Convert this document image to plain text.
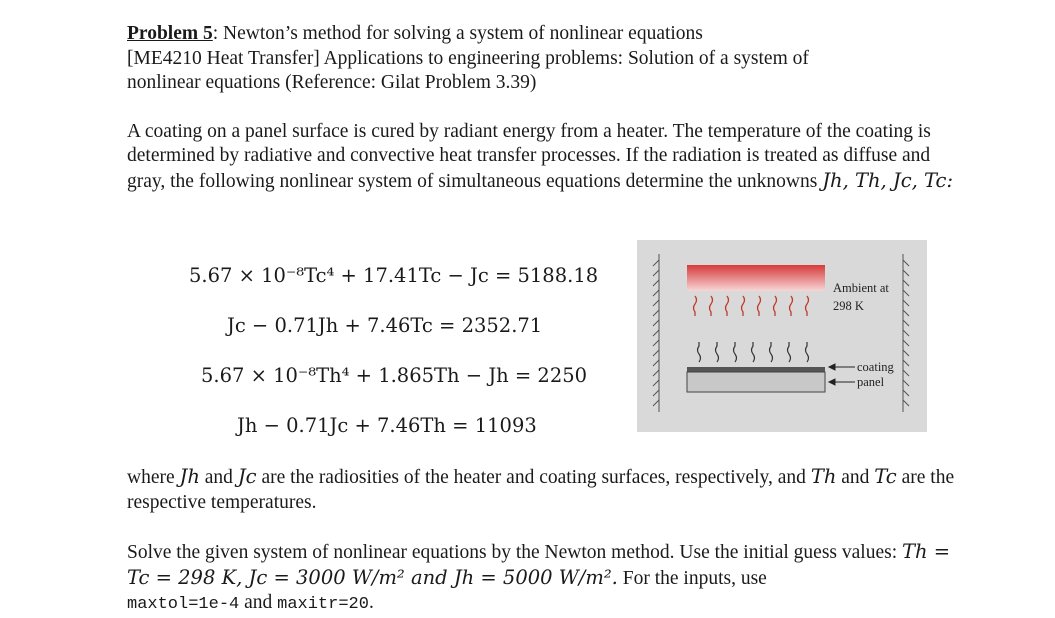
Problem 5: Newton’s method for solving a system of nonlinear equations
[ME4210 Heat Transfer] Applications to engineering problems: Solution of a system of
nonlinear equations (Reference: Gilat Problem 3.39)

A coating on a panel surface is cured by radiant energy from a heater. The temperature of the coating is determined by radiative and convective heat transfer processes. If the radiation is treated as diffuse and gray, the following nonlinear system of simultaneous equations determine the unknowns Jh, Th, Jc, Tc:

5.67 × 10⁻⁸Tc⁴ + 17.41Tc − Jc = 5188.18
Jc − 0.71Jh + 7.46Tc = 2352.71
5.67 × 10⁻⁸Th⁴ + 1.865Th − Jh = 2250
Jh − 0.71Jc + 7.46Th = 11093
Ambient at
298 K
coating
panel

where Jh and Jc are the radiosities of the heater and coating surfaces, respectively, and Th and Tc are the respective temperatures.

Solve the given system of nonlinear equations by the Newton method. Use the initial guess values: Th = Tc = 298 K, Jc = 3000 W/m² and Jh = 5000 W/m². For the inputs, use
maxtol=1e-4 and maxitr=20.
